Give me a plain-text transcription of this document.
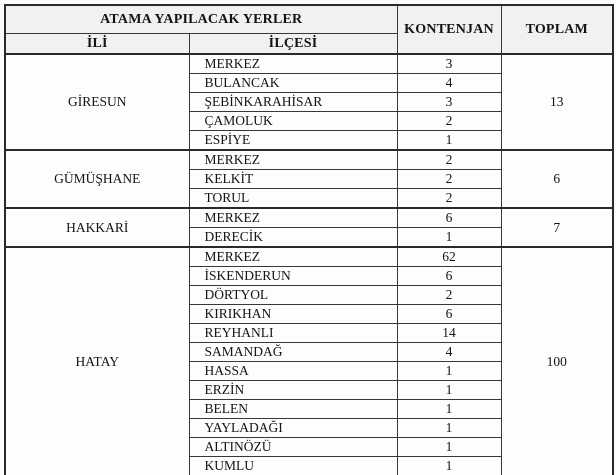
ATAMA YAPILACAK YERLER		KONTENJAN	TOPLAM
İLİ	İLÇESİ		
GİRESUN	MERKEZ	3	13
	BULANCAK	4	
	ŞEBİNKARAHİSAR	3	
	ÇAMOLUK	2	
	ESPİYE	1	
GÜMÜŞHANE	MERKEZ	2	6
	KELKİT	2	
	TORUL	2	
HAKKARİ	MERKEZ	6	7
	DERECİK	1	
HATAY	MERKEZ	62	100
	İSKENDERUN	6	
	DÖRTYOL	2	
	KIRIKHAN	6	
	REYHANLI	14	
	SAMANDAĞ	4	
	HASSA	1	
	ERZİN	1	
	BELEN	1	
	YAYLADAĞI	1	
	ALTINÖZÜ	1	
	KUMLU	1	
